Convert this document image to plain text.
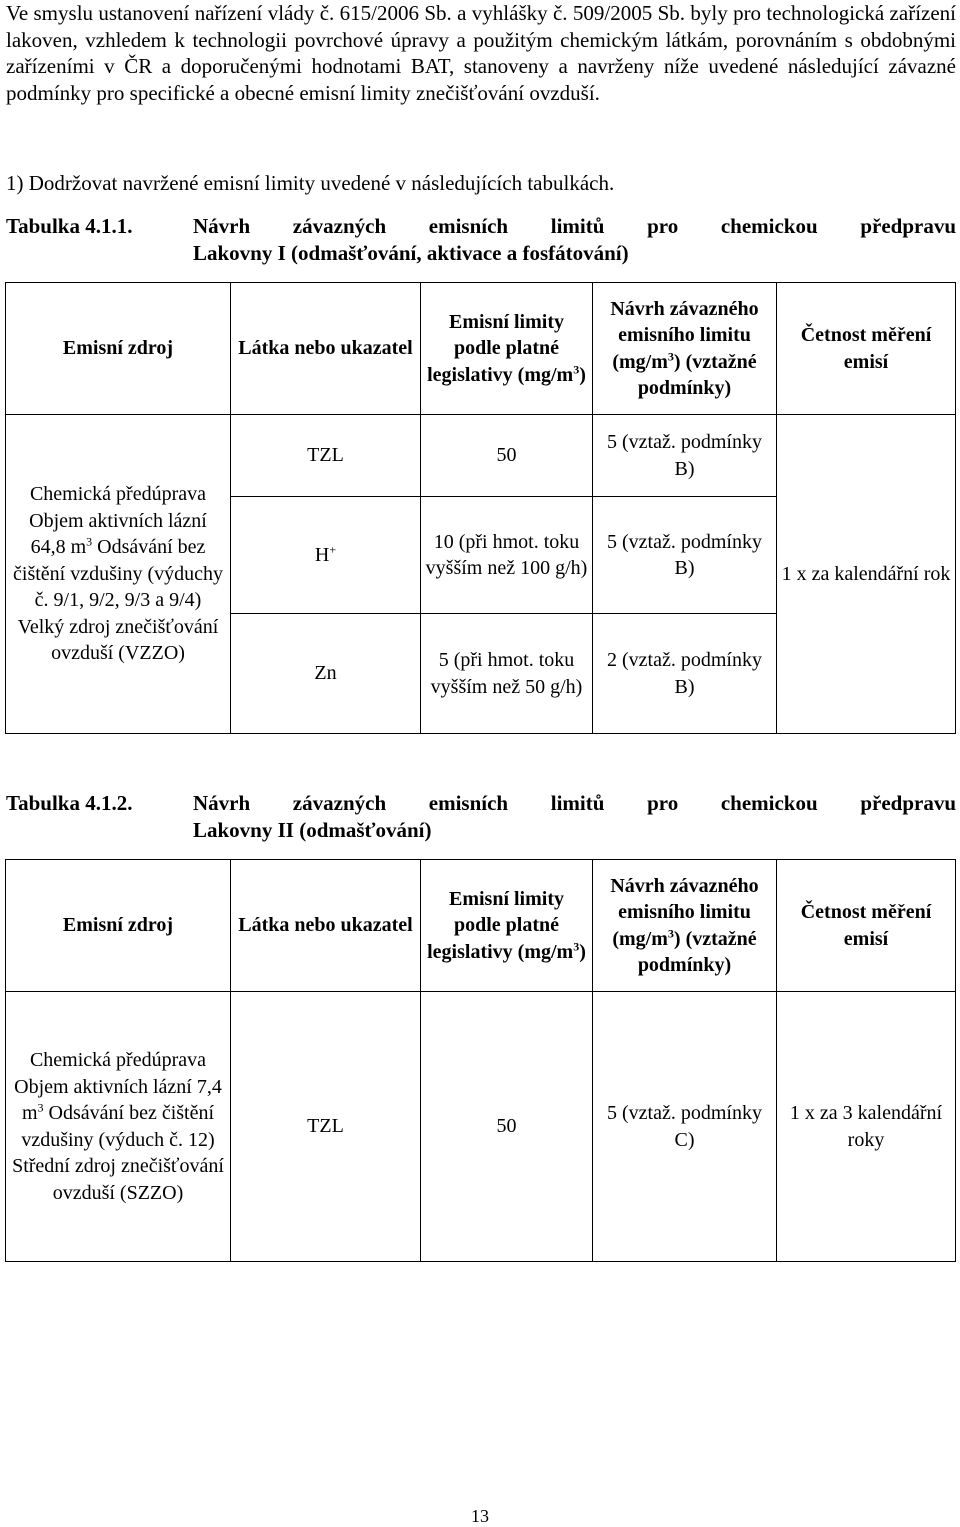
Ve smyslu ustanovení nařízení vlády č. 615/2006 Sb. a vyhlášky č. 509/2005 Sb. byly pro technologická zařízení lakoven, vzhledem k technologii povrchové úpravy a použitým chemickým látkám, porovnáním s obdobnými zařízeními v ČR a doporučenými hodnotami BAT, stanoveny a navrženy níže uvedené následující závazné podmínky pro specifické a obecné emisní limity znečišťování ovzduší.
1) Dodržovat navržené emisní limity uvedené v následujících tabulkách.
Tabulka 4.1.1.	Návrh závazných emisních limitů pro chemickou předpravu
Lakovny I (odmašťování, aktivace a fosfátování)
Emisní zdroj	Látka nebo ukazatel	Emisní limity podle platné legislativy $(mg/m^3)$	Návrh závazného emisního limitu $(mg/m^3)$ (vztažné podmínky)	Četnost měření emisí
Chemická předúprava Objem aktivních lázní 64,8 $m^3$ Odsávání bez čištění vzdušiny (výduchy č. 9/1, 9/2, 9/3 a 9/4) Velký zdroj znečišťování ovzduší (VZZO)	TZL	50	5 (vztaž. podmínky B)	1 x za kalendářní rok
	H+	10 (při hmot. toku vyšším než 100 g/h)	5 (vztaž. podmínky B)	
	Zn	5 (při hmot. toku vyšším než 50 g/h)	2 (vztaž. podmínky B)	
Tabulka 4.1.2.	Návrh závazných emisních limitů pro chemickou předpravu
Lakovny II (odmašťování)
Emisní zdroj	Látka nebo ukazatel	Emisní limity podle platné legislativy $(mg/m^3)$	Návrh závazného emisního limitu $(mg/m^3)$ (vztažné podmínky)	Četnost měření emisí
Chemická předúprava Objem aktivních lázní 7,4 $m^3$ Odsávání bez čištění vzdušiny (výduch č. 12) Střední zdroj znečišťování ovzduší (SZZO)	TZL	50	5 (vztaž. podmínky C)	1 x za 3 kalendářní roky
13
